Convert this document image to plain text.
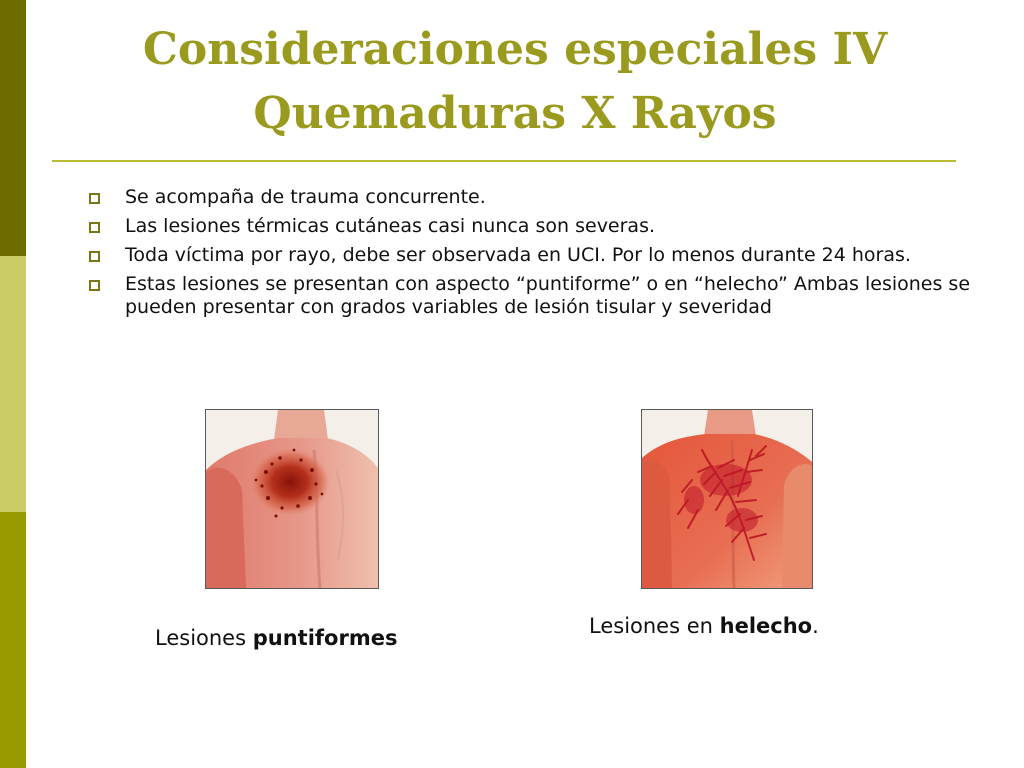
Consideraciones especiales IV
Quemaduras X Rayos
Se acompaña de trauma concurrente.
Las lesiones térmicas cutáneas casi nunca son severas.
Toda víctima por rayo, debe ser observada en UCI. Por lo menos durante 24 horas.
Estas lesiones se presentan con aspecto “puntiforme” o en “helecho” Ambas lesiones se pueden presentar con grados variables de lesión tisular y severidad
Lesiones puntiformes	Lesiones en helecho.
